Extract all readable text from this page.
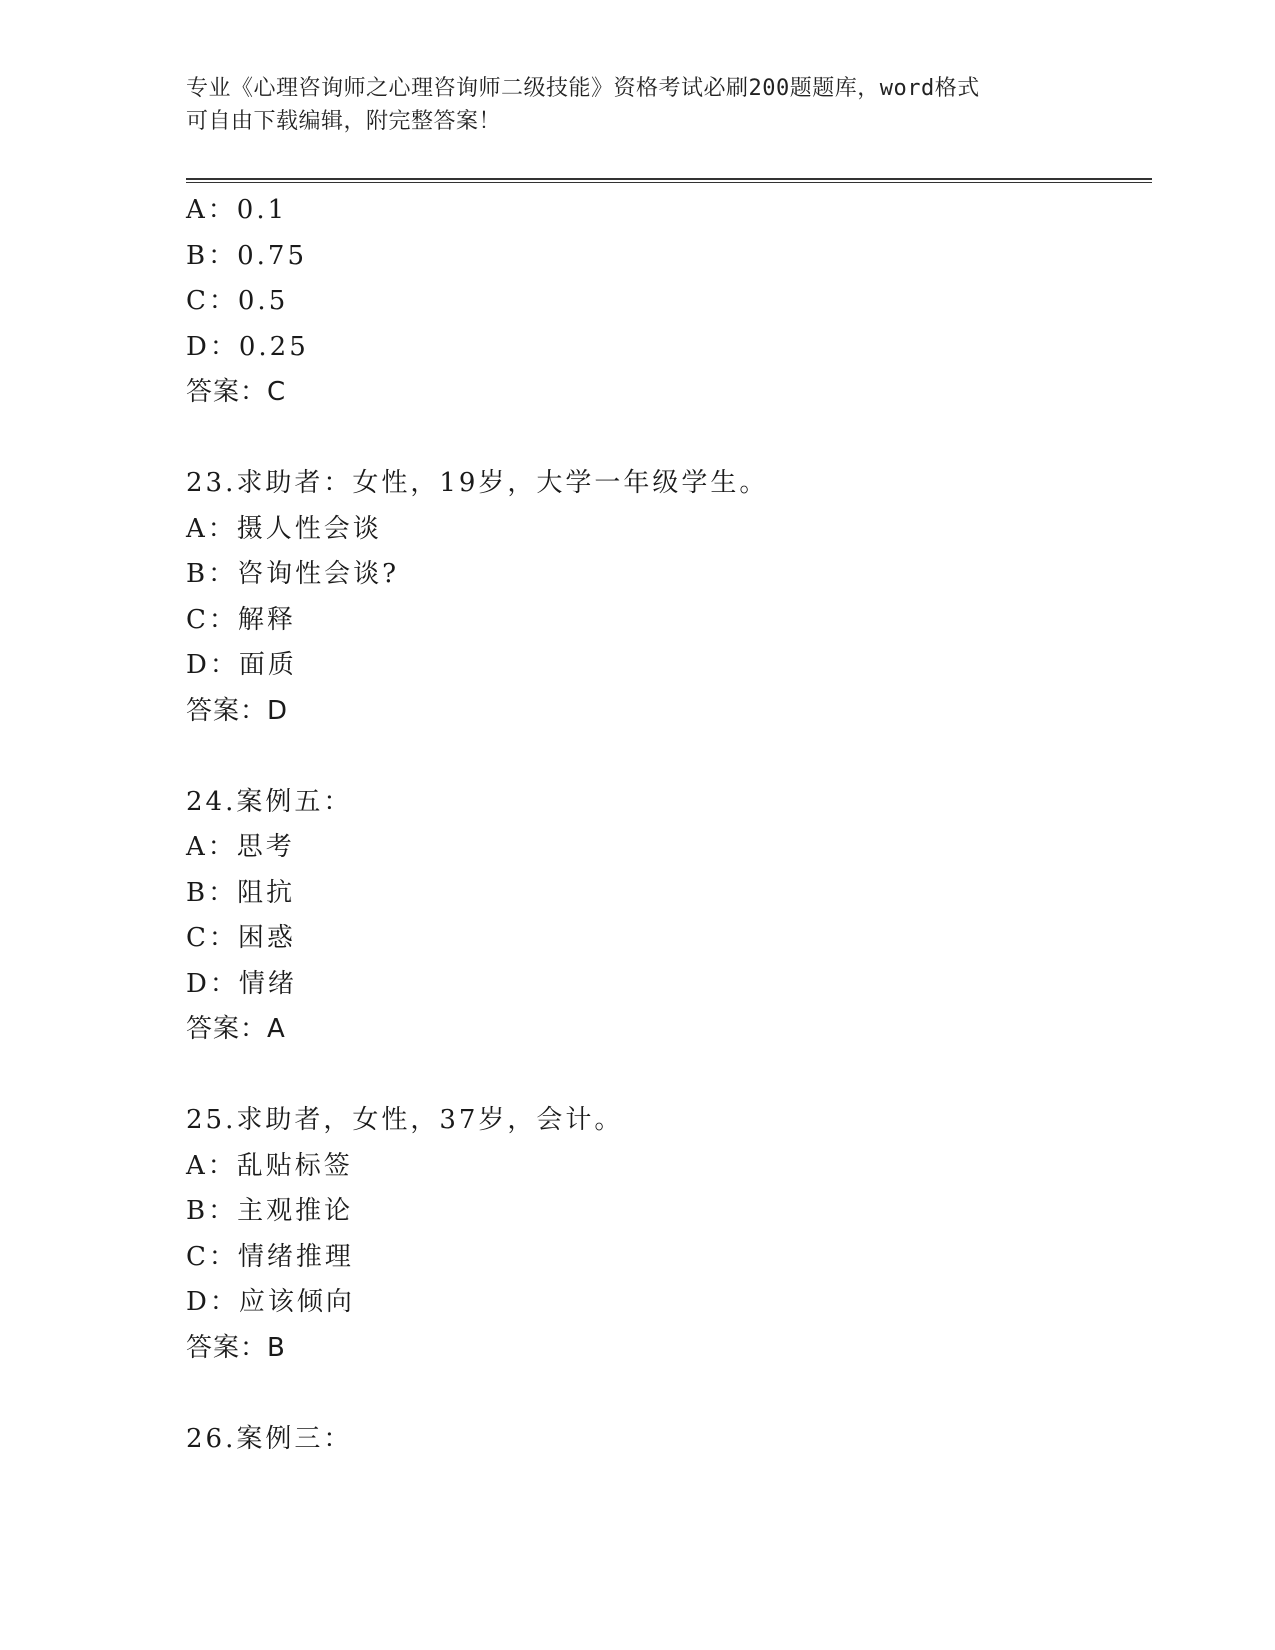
专业《心理咨询师之心理咨询师二级技能》资格考试必刷200题题库，word格式
可自由下载编辑，附完整答案！
A：0.1
B：0.75
C：0.5
D：0.25
答案：C
23.求助者：女性，19岁，大学一年级学生。
A：摄人性会谈
B：咨询性会谈?
C：解释
D：面质
答案：D
24.案例五：
A：思考
B：阻抗
C：困惑
D：情绪
答案：A
25.求助者，女性，37岁，会计。
A：乱贴标签
B：主观推论
C：情绪推理
D：应该倾向
答案：B
26.案例三：
